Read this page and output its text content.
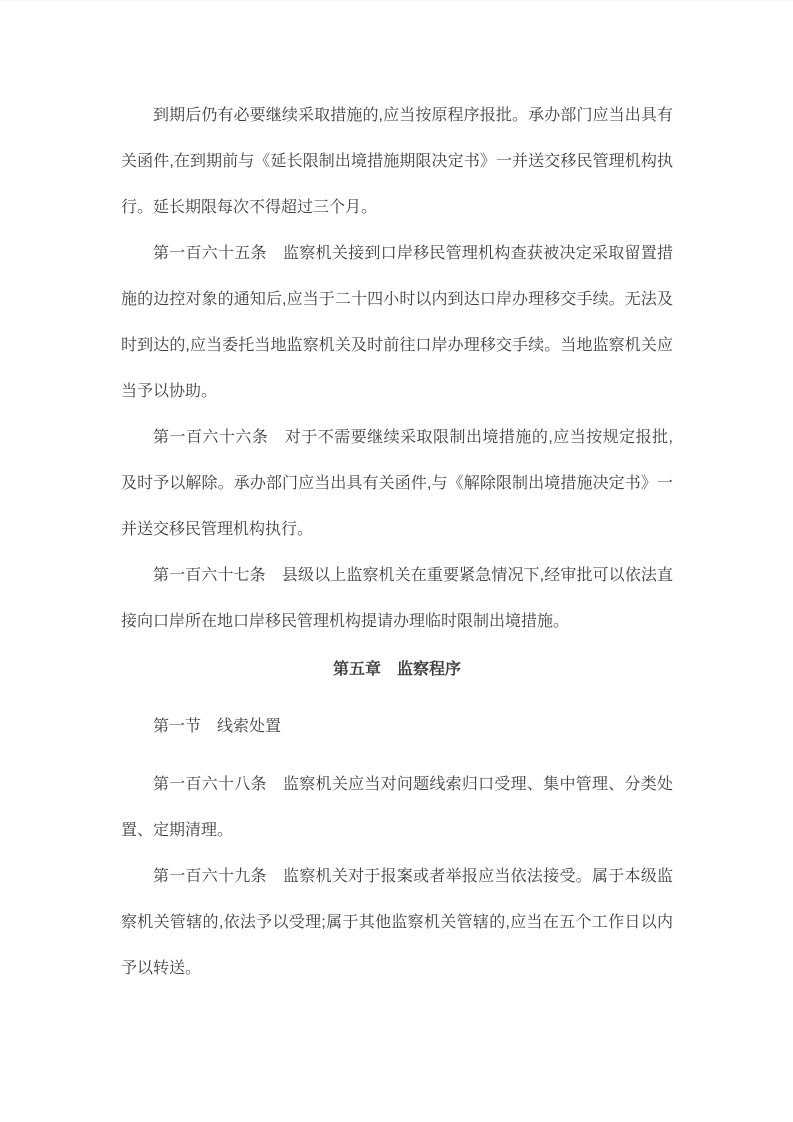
到期后仍有必要继续采取措施的,应当按原程序报批。承办部门应当出具有关函件,在到期前与《延长限制出境措施期限决定书》一并送交移民管理机构执行。延长期限每次不得超过三个月。

第一百六十五条　监察机关接到口岸移民管理机构查获被决定采取留置措施的边控对象的通知后,应当于二十四小时以内到达口岸办理移交手续。无法及时到达的,应当委托当地监察机关及时前往口岸办理移交手续。当地监察机关应当予以协助。

第一百六十六条　对于不需要继续采取限制出境措施的,应当按规定报批,及时予以解除。承办部门应当出具有关函件,与《解除限制出境措施决定书》一并送交移民管理机构执行。

第一百六十七条　县级以上监察机关在重要紧急情况下,经审批可以依法直接向口岸所在地口岸移民管理机构提请办理临时限制出境措施。

第五章　监察程序

第一节　线索处置

第一百六十八条　监察机关应当对问题线索归口受理、集中管理、分类处置、定期清理。

第一百六十九条　监察机关对于报案或者举报应当依法接受。属于本级监察机关管辖的,依法予以受理;属于其他监察机关管辖的,应当在五个工作日以内予以转送。
